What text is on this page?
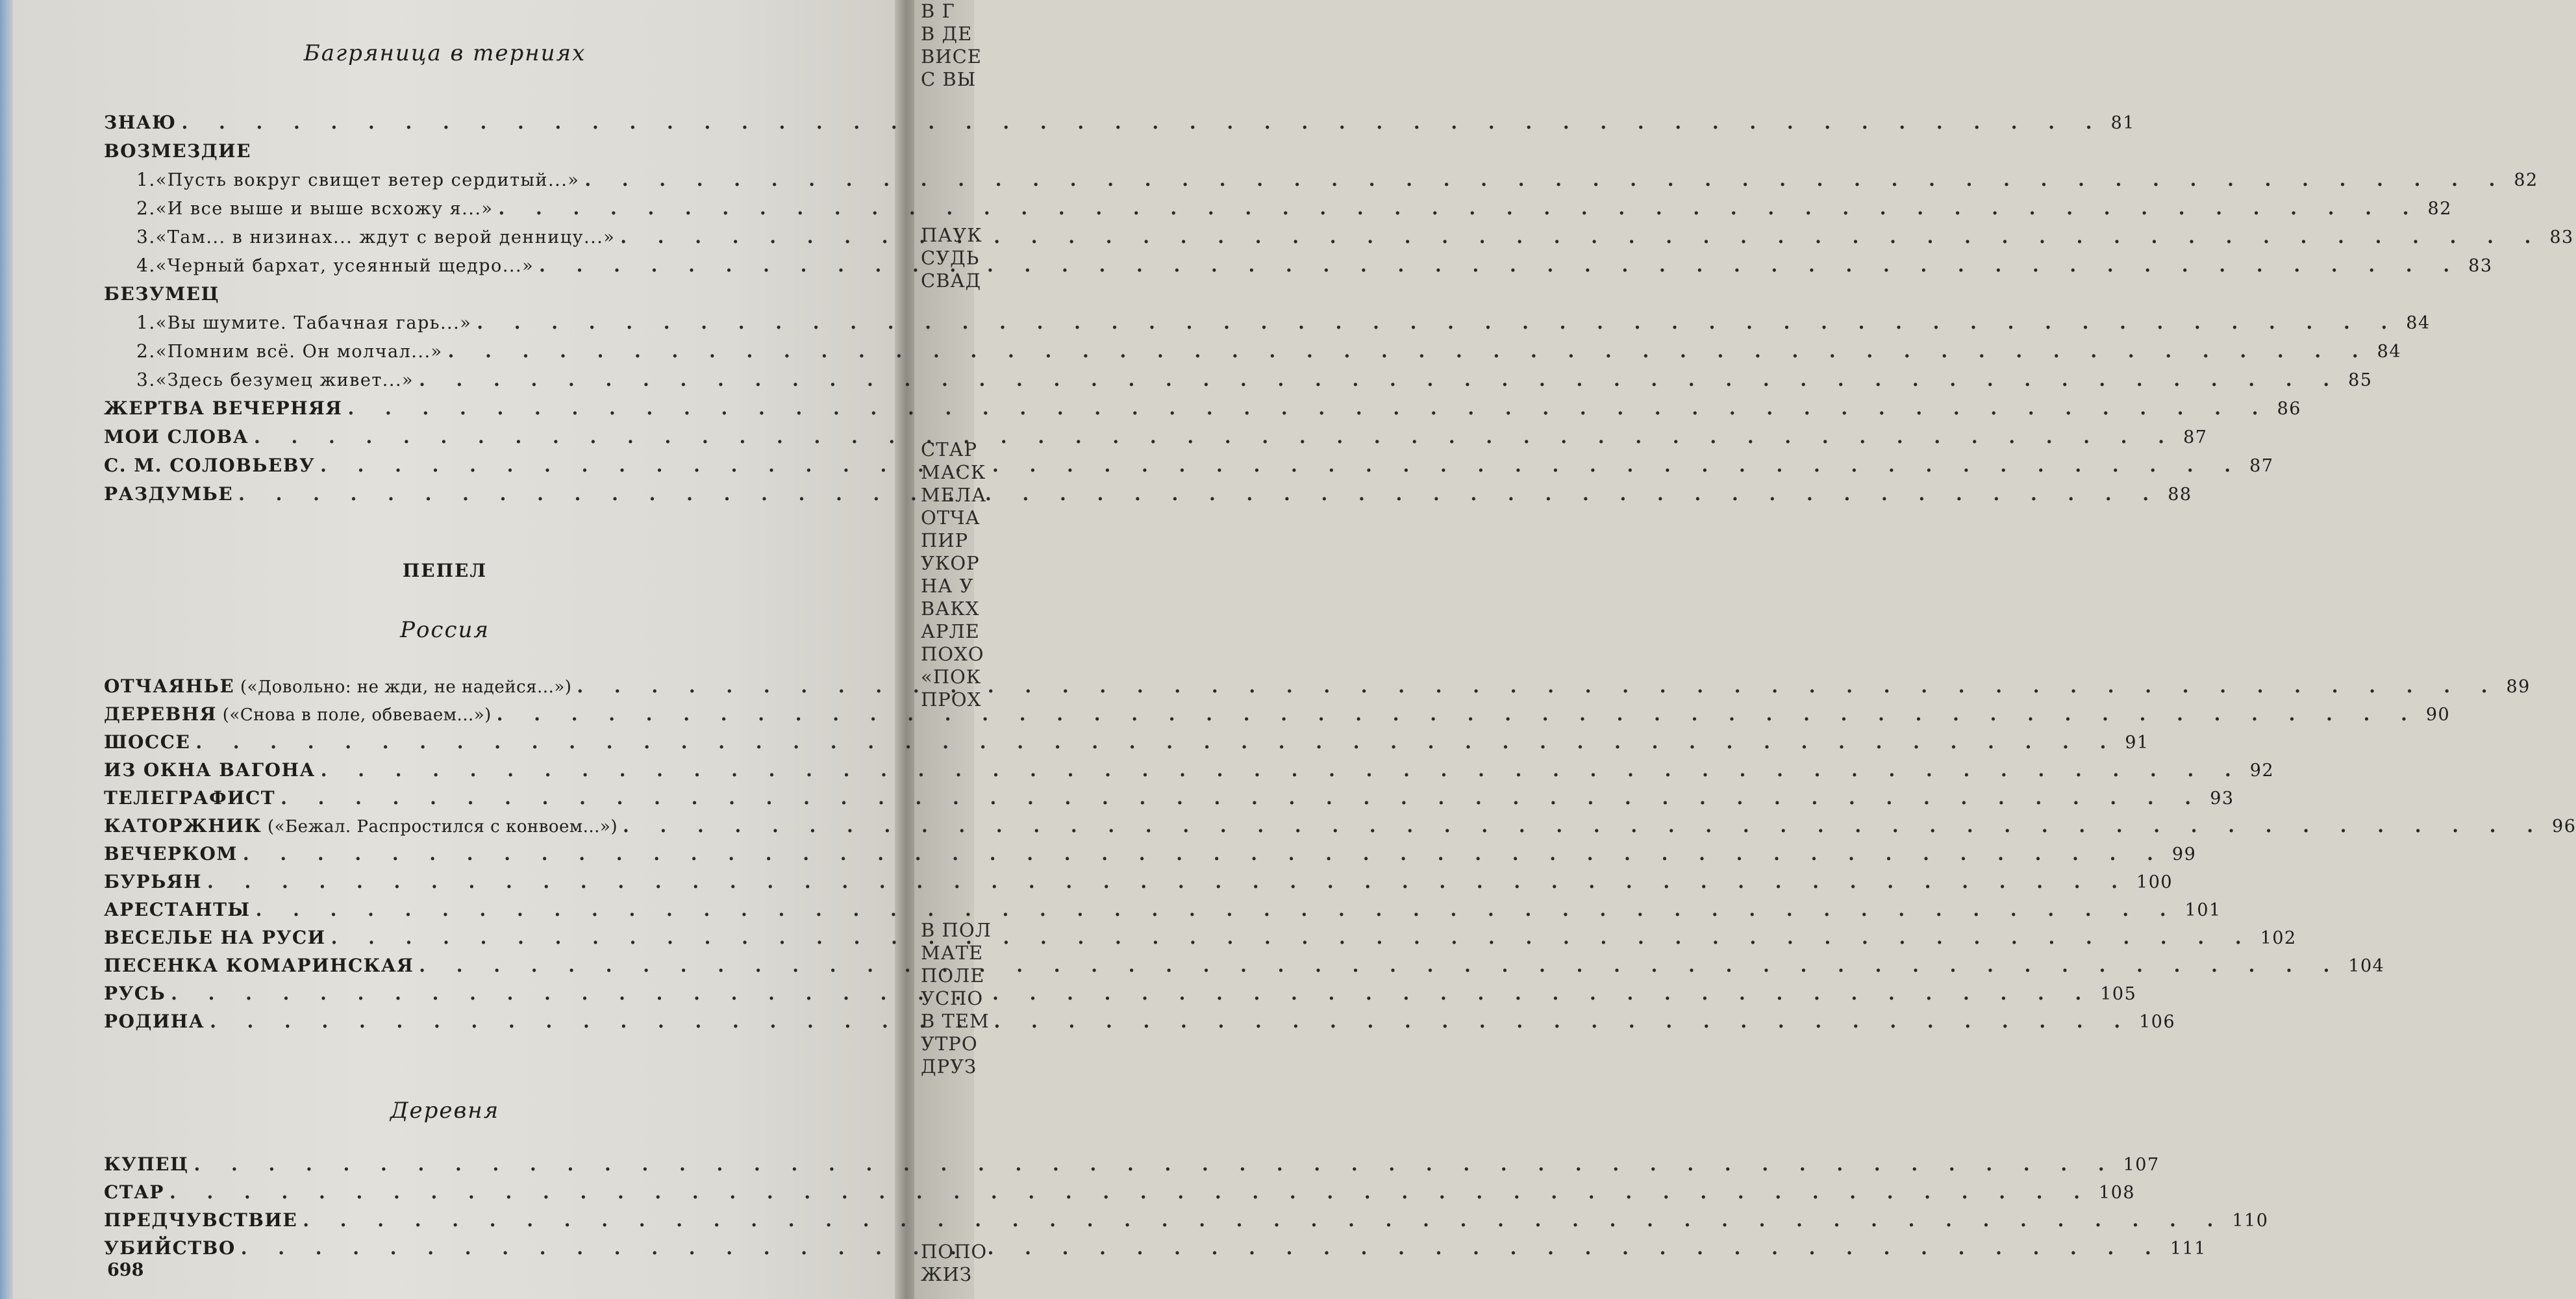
В Г
В ДЕ
ВИСЕ
С ВЫ
ПАУК
СУДЬ
СВАД
СТАР
МАСК
МЕЛА
ОТЧА
ПИР
УКОР
НА У
ВАКХ
АРЛЕ
ПОХО
«ПОК
ПРОХ
В ПОЛ
МАТЕ
ПОЛЕ
УСПО
В ТЕМ
УТРО
ДРУЗ
ПОПО
ЖИЗ
Багряница в терниях
ЗНАЮ . . .	81
ВОЗМЕЗДИЕ
1. «Пусть вокруг свищет ветер сердитый...» . . .	82
2. «И все выше и выше всхожу я...» . . .	82
3. «Там... в низинах... ждут с верой денницу...» . . .	83
4. «Черный бархат, усеянный щедро...» . . .	83
БЕЗУМЕЦ
1. «Вы шумите. Табачная гарь...» . . .	84
2. «Помним всё. Он молчал...» . . .	84
3. «Здесь безумец живет...» . . .	85
ЖЕРТВА ВЕЧЕРНЯЯ . . .	86
МОИ СЛОВА . . .	87
С. М. СОЛОВЬЕВУ . . .	87
РАЗДУМЬЕ . . .	88
ПЕПЕЛ
Россия
ОТЧАЯНЬЕ («Довольно: не жди, не надейся...») . . .	89
ДЕРЕВНЯ («Снова в поле, обвеваем...») . . .	90
ШОССЕ . . .	91
ИЗ ОКНА ВАГОНА . . .	92
ТЕЛЕГРАФИСТ . . .	93
КАТОРЖНИК («Бежал. Распростился с конвоем...») . . .	96
ВЕЧЕРКОМ . . .	99
БУРЬЯН . . .	100
АРЕСТАНТЫ . . .	101
ВЕСЕЛЬЕ НА РУСИ . . .	102
ПЕСЕНКА КОМАРИНСКАЯ . . .	104
РУСЬ . . .	105
РОДИНА . . .	106
Деревня
КУПЕЦ . . .	107
СТАР . . .	108
ПРЕДЧУВСТВИЕ . . .	110
УБИЙСТВО . . .	111
698
